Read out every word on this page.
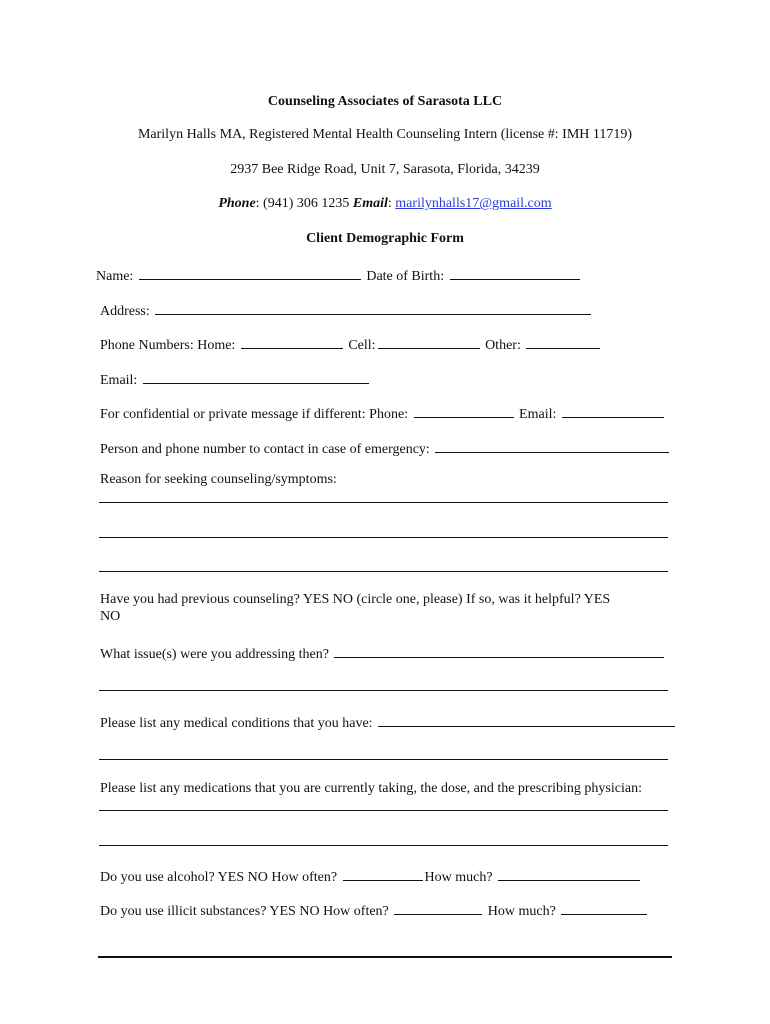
Counseling Associates of Sarasota LLC
Marilyn Halls MA, Registered Mental Health Counseling Intern (license #: IMH 11719)
2937 Bee Ridge Road, Unit 7, Sarasota, Florida, 34239
Phone: (941) 306 1235 Email: marilynhalls17@gmail.com
Client Demographic Form
Name:	Date of Birth:
Address:
Phone Numbers: Home:	Cell:	Other:
Email:
For confidential or private message if different: Phone:	Email:
Person and phone number to contact in case of emergency:
Reason for seeking counseling/symptoms:
Have you had previous counseling? YES NO (circle one, please) If so, was it helpful? YES
NO
What issue(s) were you addressing then?
Please list any medical conditions that you have:
Please list any medications that you are currently taking, the dose, and the prescribing physician:
Do you use alcohol? YES NO How often?	How much?
Do you use illicit substances? YES NO How often?	How much?
